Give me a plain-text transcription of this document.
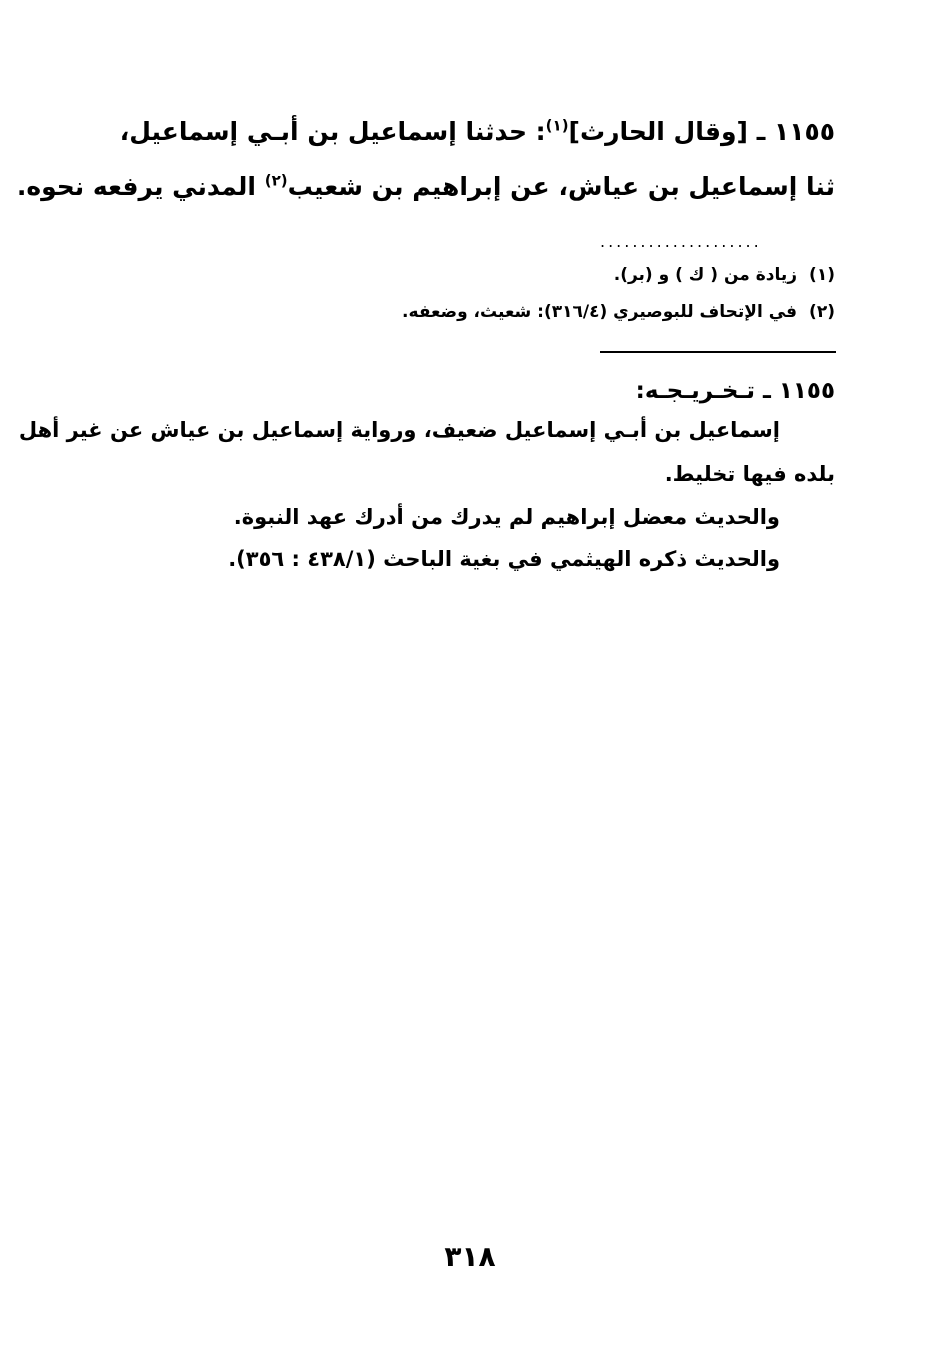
١١٥٥ ـ [وقال الحارث]$^{(١)}$: حدثنا إسماعيل بن أبـي إسماعيل،
ثنا إسماعيل بن عياش، عن إبراهيم بن شعيب$^{(٢)}$ المدني يرفعه نحوه.
....................
(١)زيادة من ( ك ) و (بر).
(٢)في الإتحاف للبوصيري (٣١٦/٤): شعيث، وضعفه.
١١٥٥ ـ تـخـريـجـه:
إسماعيل بن أبـي إسماعيل ضعيف، ورواية إسماعيل بن عياش عن غير أهل
بلده فيها تخليط.
والحديث معضل إبراهيم لم يدرك من أدرك عهد النبوة.
والحديث ذكره الهيثمي في بغية الباحث (٤٣٨/١ : ٣٥٦).
٣١٨
